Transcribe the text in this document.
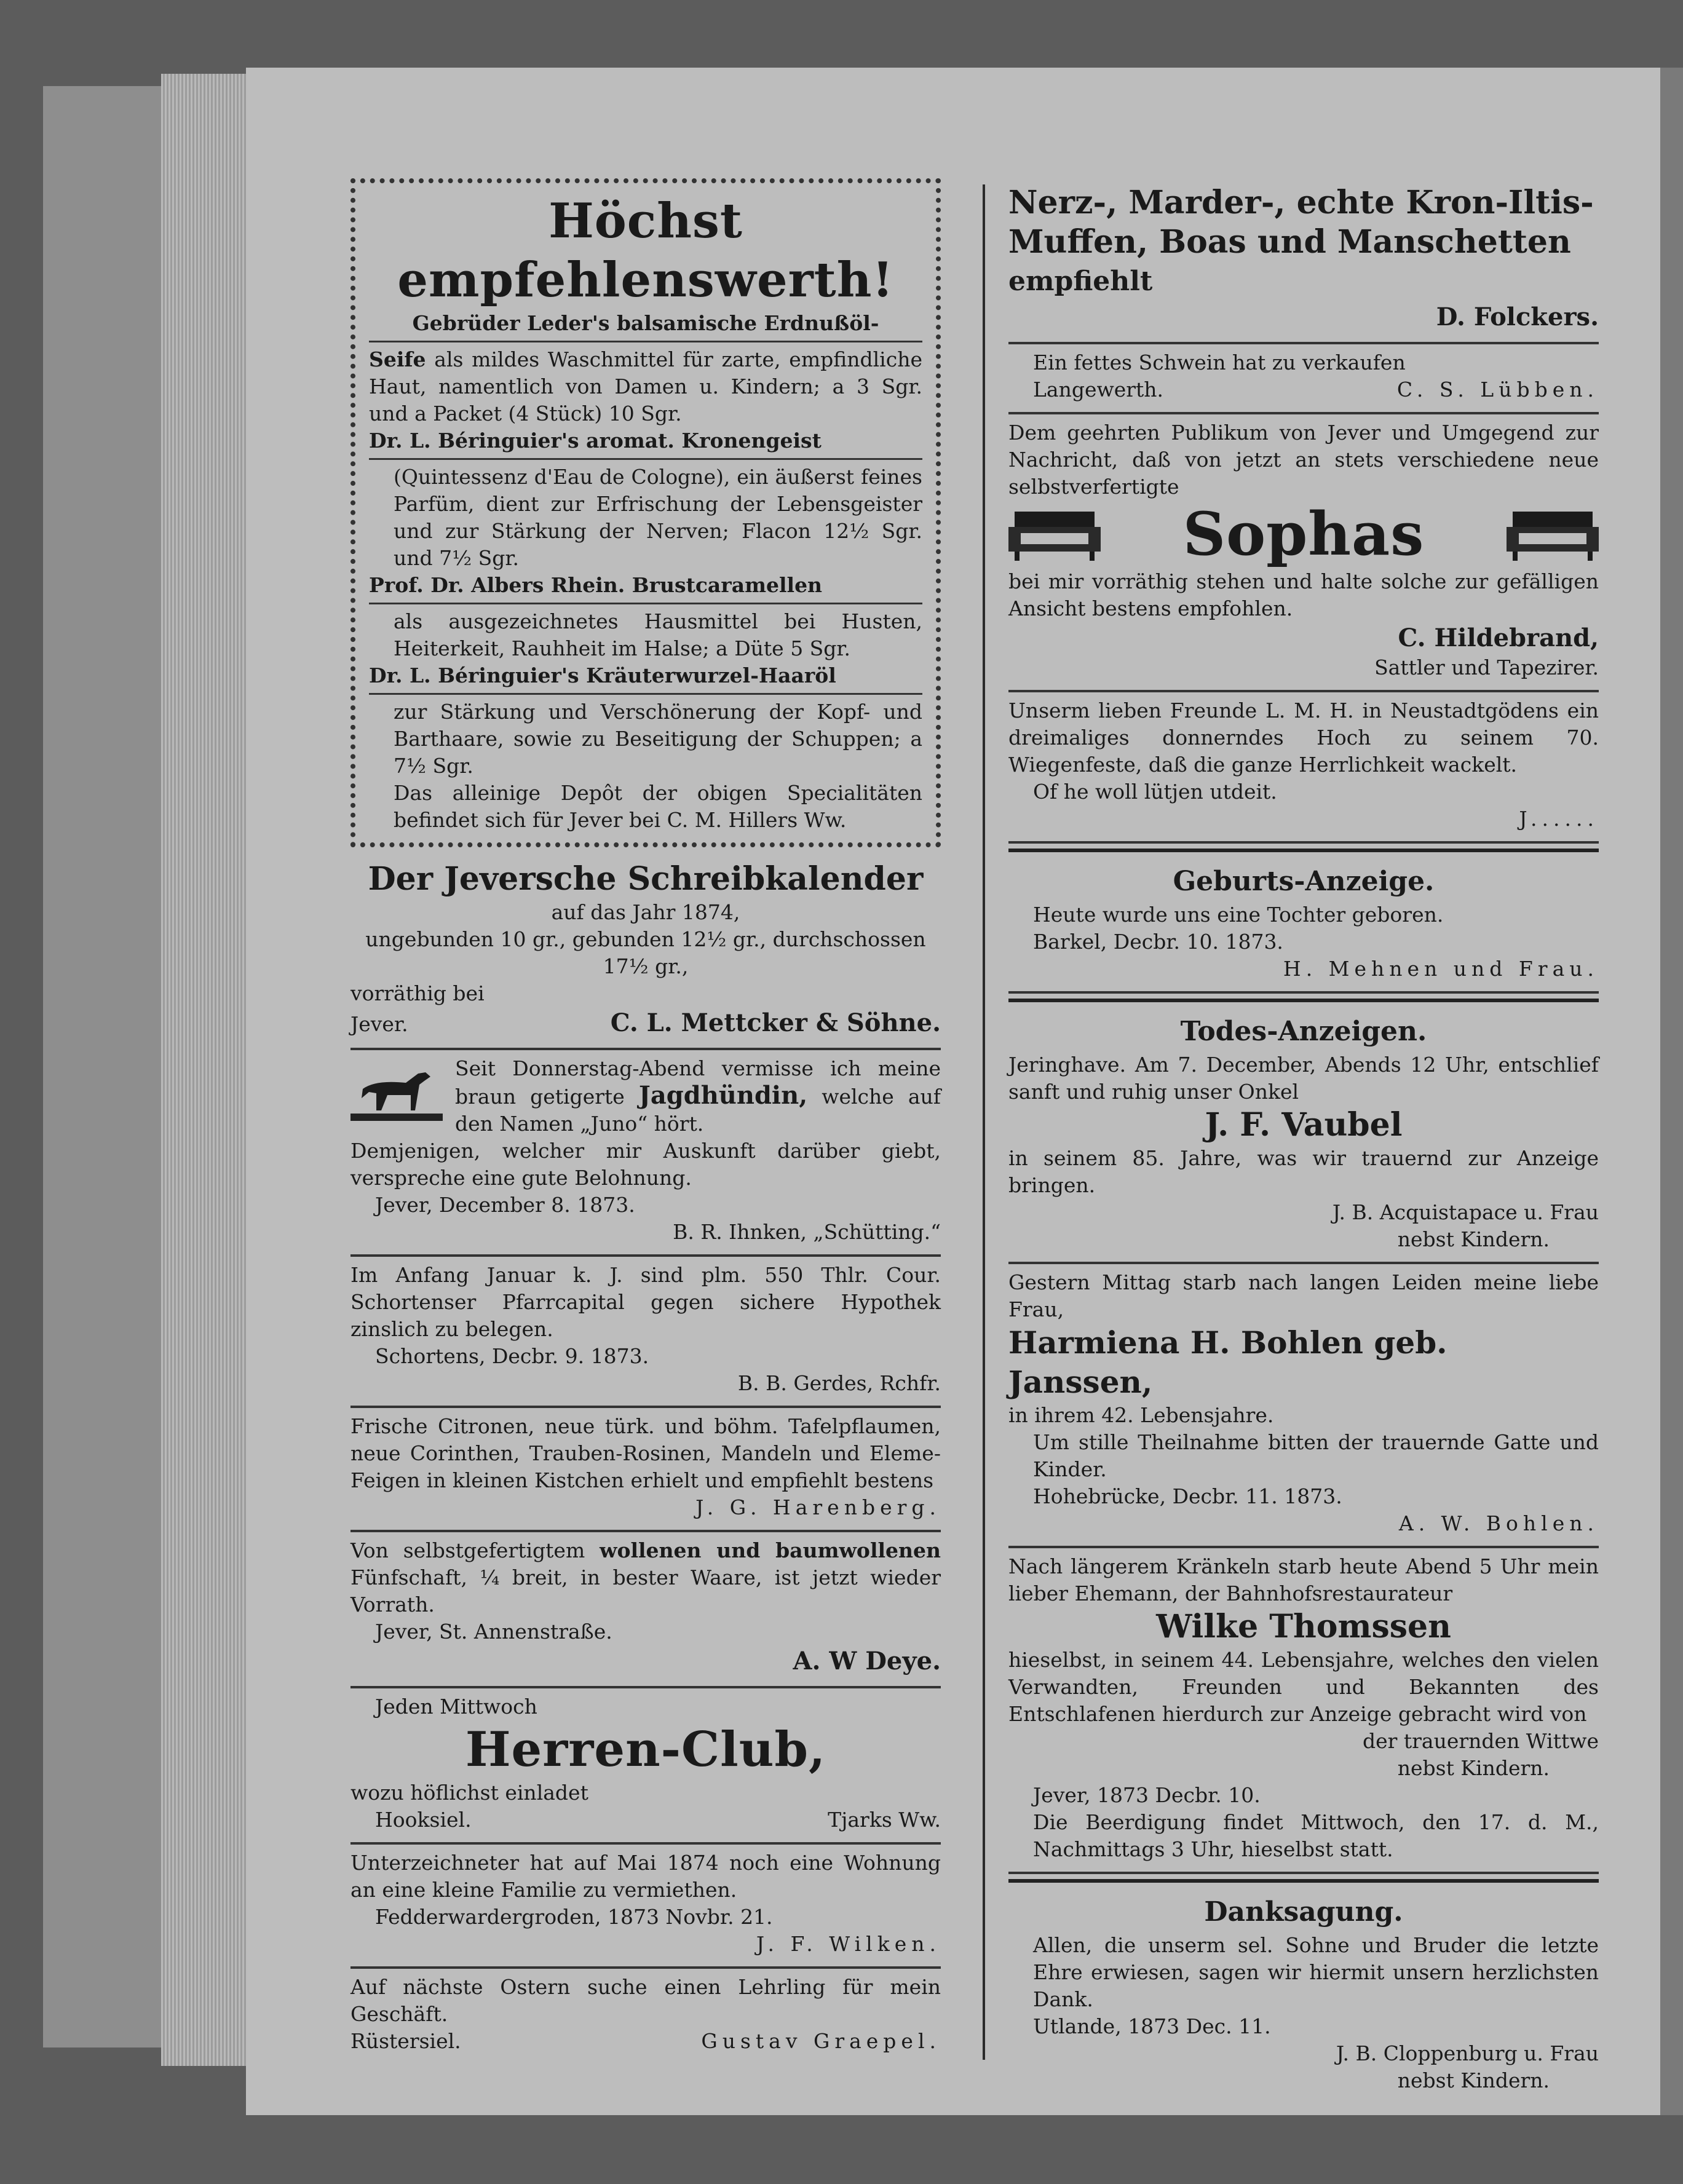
Höchst empfehlenswerth!
Gebrüder Leder's balsamische Erdnußöl-
Seife als mildes Waschmittel für zarte, empfindliche Haut, namentlich von Damen u. Kindern; a 3 Sgr. und a Packet (4 Stück) 10 Sgr.
Dr. L. Béringuier's aromat. Kronengeist
(Quintessenz d'Eau de Cologne), ein äußerst feines Parfüm, dient zur Erfrischung der Lebensgeister und zur Stärkung der Nerven; Flacon 12½ Sgr. und 7½ Sgr.
Prof. Dr. Albers Rhein. Brustcaramellen
als ausgezeichnetes Hausmittel bei Husten, Heiterkeit, Rauhheit im Halse; a Düte 5 Sgr.
Dr. L. Béringuier's Kräuterwurzel-Haaröl
zur Stärkung und Verschönerung der Kopf- und Barthaare, sowie zu Beseitigung der Schuppen; a 7½ Sgr.
Das alleinige Depôt der obigen Specialitäten befindet sich für Jever bei C. M. Hillers Ww.
Der Jeversche Schreibkalender
auf das Jahr 1874,
ungebunden 10 gr., gebunden 12½ gr., durchschossen 17½ gr.,
vorräthig bei
Jever.	C. L. Mettcker & Söhne.
Seit Donnerstag-Abend vermisse ich meine braun getigerte Jagdhündin, welche auf den Namen „Juno“ hört.
Demjenigen, welcher mir Auskunft darüber giebt, verspreche eine gute Belohnung.
Jever, December 8. 1873.
B. R. Ihnken, „Schütting.“
Im Anfang Januar k. J. sind plm. 550 Thlr. Cour. Schortenser Pfarrcapital gegen sichere Hypothek zinslich zu belegen.
Schortens, Decbr. 9. 1873.
B. B. Gerdes, Rchfr.
Frische Citronen, neue türk. und böhm. Tafelpflaumen, neue Corinthen, Trauben-Rosinen, Mandeln und Eleme-Feigen in kleinen Kistchen erhielt und empfiehlt bestens
J. G. Harenberg.
Von selbstgefertigtem wollenen und baumwollenen Fünfschaft, ¼ breit, in bester Waare, ist jetzt wieder Vorrath.
Jever, St. Annenstraße.
A. W Deye.
Jeden Mittwoch
Herren-Club,
wozu höflichst einladet
Hooksiel.	Tjarks Ww.
Unterzeichneter hat auf Mai 1874 noch eine Wohnung an eine kleine Familie zu vermiethen.
Fedderwardergroden, 1873 Novbr. 21.
J. F. Wilken.
Auf nächste Ostern suche einen Lehrling für mein Geschäft.
Rüstersiel.	Gustav Graepel.
Nerz-, Marder-, echte Kron-Iltis-Muffen, Boas und Manschetten
empfiehlt
D. Folckers.
Ein fettes Schwein hat zu verkaufen
Langewerth.	C. S. Lübben.
Dem geehrten Publikum von Jever und Umgegend zur Nachricht, daß von jetzt an stets verschiedene neue selbstverfertigte
Sophas
bei mir vorräthig stehen und halte solche zur gefälligen Ansicht bestens empfohlen.
C. Hildebrand,
Sattler und Tapezirer.
Unserm lieben Freunde L. M. H. in Neustadtgödens ein dreimaliges donnerndes Hoch zu seinem 70. Wiegenfeste, daß die ganze Herrlichkeit wackelt.
Of he woll lütjen utdeit.
J......
Geburts-Anzeige.
Heute wurde uns eine Tochter geboren.
Barkel, Decbr. 10. 1873.
H. Mehnen und Frau.
Todes-Anzeigen.
Jeringhave. Am 7. December, Abends 12 Uhr, entschlief sanft und ruhig unser Onkel
J. F. Vaubel
in seinem 85. Jahre, was wir trauernd zur Anzeige bringen.
J. B. Acquistapace u. Frau
nebst Kindern.
Gestern Mittag starb nach langen Leiden meine liebe Frau,
Harmiena H. Bohlen geb. Janssen,
in ihrem 42. Lebensjahre.
Um stille Theilnahme bitten der trauernde Gatte und Kinder.
Hohebrücke, Decbr. 11. 1873.
A. W. Bohlen.
Nach längerem Kränkeln starb heute Abend 5 Uhr mein lieber Ehemann, der Bahnhofsrestaurateur
Wilke Thomssen
hieselbst, in seinem 44. Lebensjahre, welches den vielen Verwandten, Freunden und Bekannten des Entschlafenen hierdurch zur Anzeige gebracht wird von
der trauernden Wittwe
nebst Kindern.
Jever, 1873 Decbr. 10.
Die Beerdigung findet Mittwoch, den 17. d. M., Nachmittags 3 Uhr, hieselbst statt.
Danksagung.
Allen, die unserm sel. Sohne und Bruder die letzte Ehre erwiesen, sagen wir hiermit unsern herzlichsten Dank.
Utlande, 1873 Dec. 11.
J. B. Cloppenburg u. Frau
nebst Kindern.
